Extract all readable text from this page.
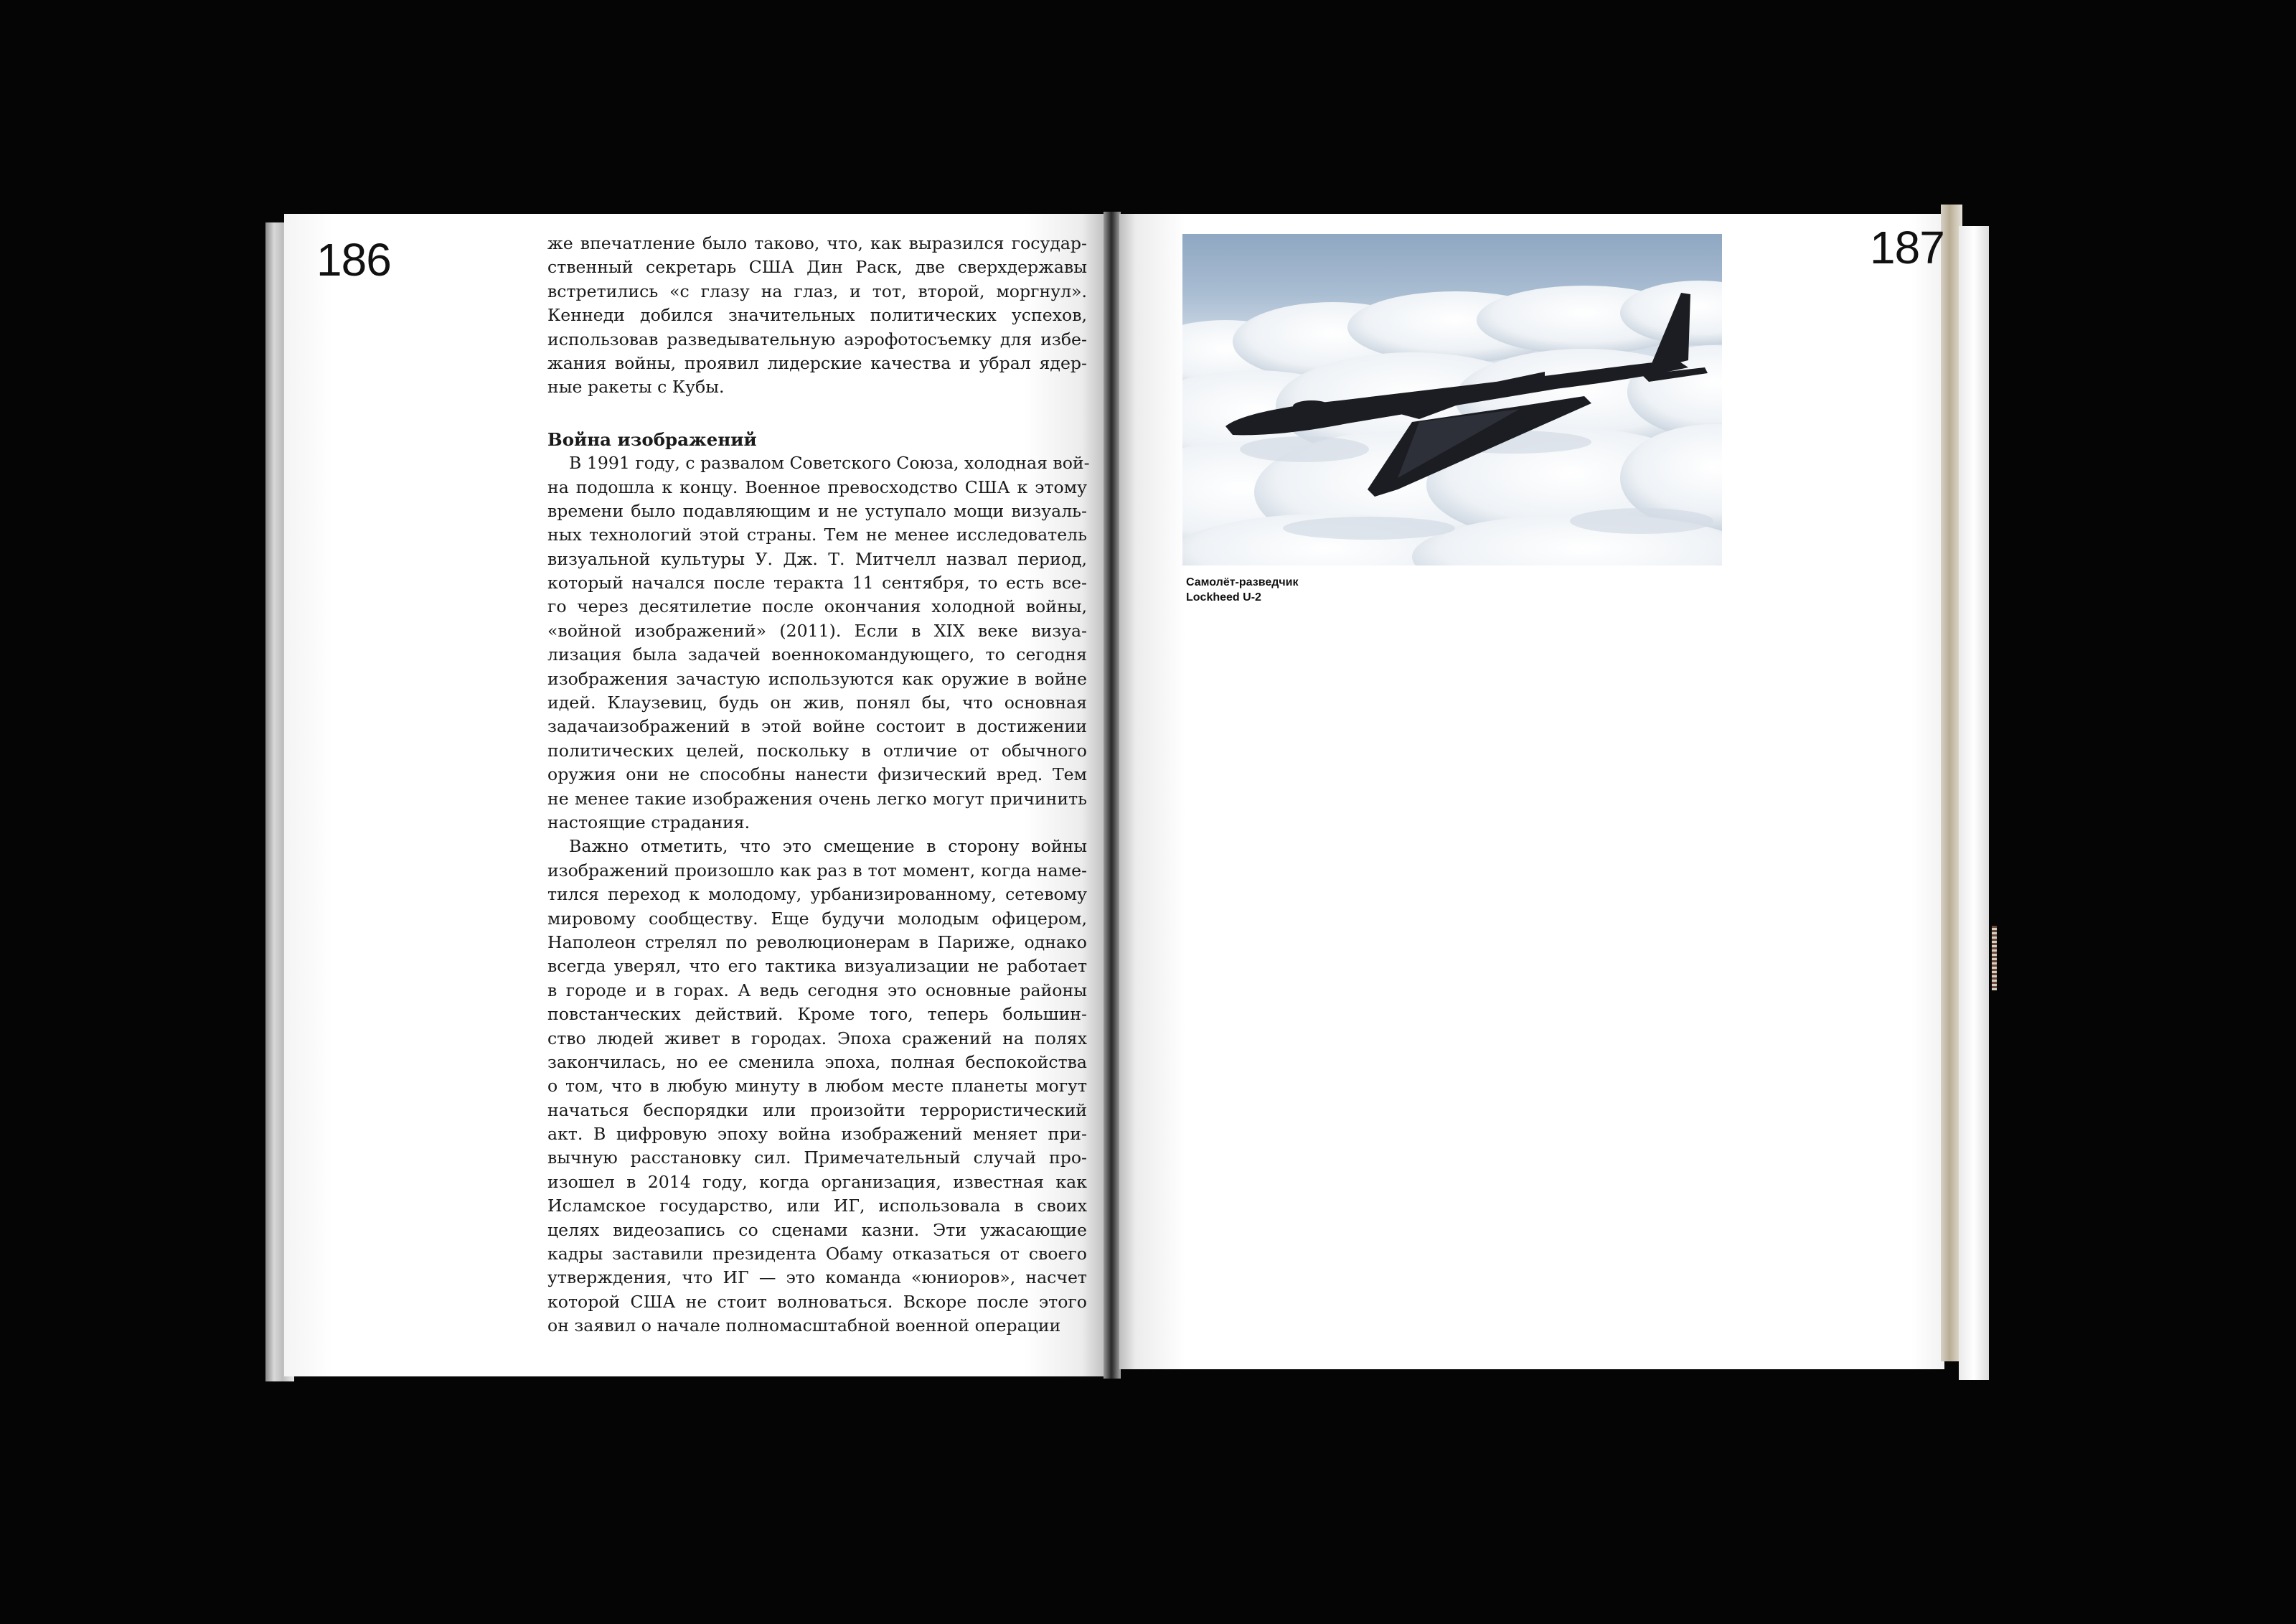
186	187
же впечатление было таково, что, как выразился государ-
ственный секретарь США Дин Раск, две сверхдержавы
встретились «с глазу на глаз, и тот, второй, моргнул».
Кеннеди добился значительных политических успехов,
использовав разведывательную аэрофотосъемку для избе-
жания войны, проявил лидерские качества и убрал ядер-
ные ракеты с Кубы.
Война изображений
В 1991 году, с развалом Советского Союза, холодная вой-
на подошла к концу. Военное превосходство США к этому
времени было подавляющим и не уступало мощи визуаль-
ных технологий этой страны. Тем не менее исследователь
визуальной культуры У. Дж. Т. Митчелл назвал период,
который начался после теракта 11 сентября, то есть все-
го через десятилетие после окончания холодной войны,
«войной изображений» (2011). Если в XIX веке визуа-
лизация была задачей военнокомандующего, то сегодня
изображения зачастую используются как оружие в войне
идей. Клаузевиц, будь он жив, понял бы, что основная
задачаизображений в этой войне состоит в достижении
политических целей, поскольку в отличие от обычного
оружия они не способны нанести физический вред. Тем
не менее такие изображения очень легко могут причинить
настоящие страдания.
Важно отметить, что это смещение в сторону войны
изображений произошло как раз в тот момент, когда наме-
тился переход к молодому, урбанизированному, сетевому
мировому сообществу. Еще будучи молодым офицером,
Наполеон стрелял по революционерам в Париже, однако
всегда уверял, что его тактика визуализации не работает
в городе и в горах. А ведь сегодня это основные районы
повстанческих действий. Кроме того, теперь большин-
ство людей живет в городах. Эпоха сражений на полях
закончилась, но ее сменила эпоха, полная беспокойства
о том, что в любую минуту в любом месте планеты могут
начаться беспорядки или произойти террористический
акт. В цифровую эпоху война изображений меняет при-
вычную расстановку сил. Примечательный случай про-
изошел в 2014 году, когда организация, известная как
Исламское государство, или ИГ, использовала в своих
целях видеозапись со сценами казни. Эти ужасающие
кадры заставили президента Обаму отказаться от своего
утверждения, что ИГ — это команда «юниоров», насчет
которой США не стоит волноваться. Вскоре после этого
он заявил о начале полномасштабной военной операции
Самолёт-разведчик
Lockheed U-2
